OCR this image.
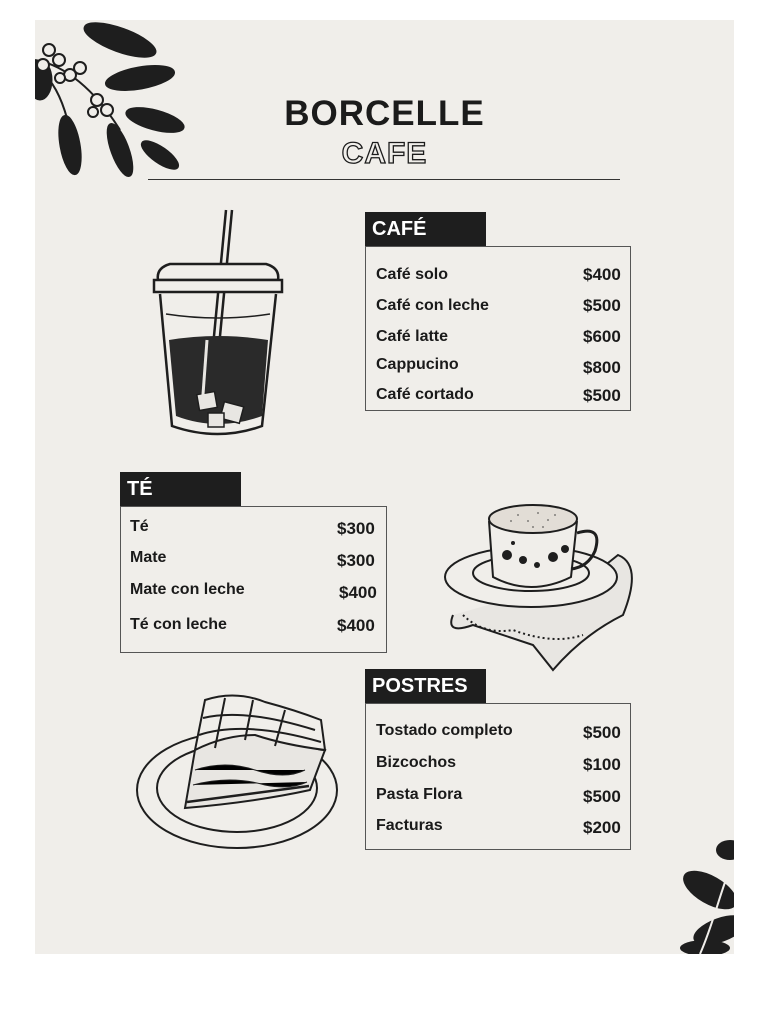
BORCELLE
CAFE
CAFÉ
Café solo	$400
Café con leche	$500
Café latte	$600
Cappucino	$800
Café cortado	$500
TÉ
Té	$300
Mate	$300
Mate con leche	$400
Té con leche	$400
POSTRES
Tostado completo	$500
Bizcochos	$100
Pasta Flora	$500
Facturas	$200
